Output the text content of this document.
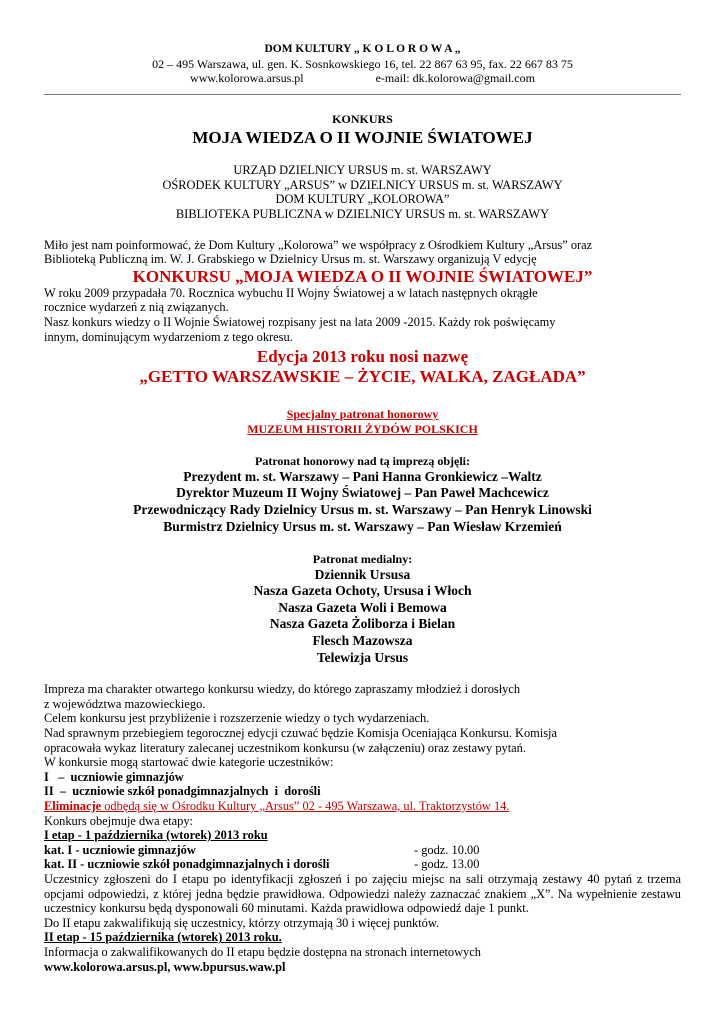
DOM KULTURY „ K O L O R O W A „
02 – 495 Warszawa, ul. gen. K. Sosnkowskiego 16, tel. 22 867 63 95, fax. 22 667 83 75
www.kolorowa.arsus.pl	e-mail: dk.kolorowa@gmail.com
KONKURS
MOJA WIEDZA O II WOJNIE ŚWIATOWEJ
URZĄD DZIELNICY URSUS m. st. WARSZAWY
OŚRODEK KULTURY „ARSUS” w DZIELNICY URSUS m. st. WARSZAWY
DOM KULTURY „KOLOROWA”
BIBLIOTEKA PUBLICZNA w DZIELNICY URSUS m. st. WARSZAWY
Miło jest nam poinformować, że Dom Kultury „Kolorowa” we współpracy z Ośrodkiem Kultury „Arsus” oraz
Biblioteką Publiczną im. W. J. Grabskiego w Dzielnicy Ursus m. st. Warszawy organizują V edycję
KONKURSU „MOJA WIEDZA O II WOJNIE ŚWIATOWEJ”
W roku 2009 przypadała 70. Rocznica wybuchu II Wojny Światowej a w latach następnych okrągłe
rocznice wydarzeń z nią związanych.
Nasz konkurs wiedzy o II Wojnie Światowej rozpisany jest na lata 2009 -2015. Każdy rok poświęcamy
innym, dominującym wydarzeniom z tego okresu.
Edycja 2013 roku nosi nazwę
„GETTO WARSZAWSKIE – ŻYCIE, WALKA, ZAGŁADA”
Specjalny patronat honorowy
MUZEUM HISTORII ŻYDÓW POLSKICH
Patronat honorowy nad tą imprezą objęli:
Prezydent m. st. Warszawy – Pani Hanna Gronkiewicz –Waltz
Dyrektor Muzeum II Wojny Światowej – Pan Paweł Machcewicz
Przewodniczący Rady Dzielnicy Ursus m. st. Warszawy – Pan Henryk Linowski
Burmistrz Dzielnicy Ursus m. st. Warszawy – Pan Wiesław Krzemień
Patronat medialny:
Dziennik Ursusa
Nasza Gazeta Ochoty, Ursusa i Włoch
Nasza Gazeta Woli i Bemowa
Nasza Gazeta Żoliborza i Bielan
Flesch Mazowsza
Telewizja Ursus
Impreza ma charakter otwartego konkursu wiedzy, do którego zapraszamy młodzież i dorosłych
z województwa mazowieckiego.
Celem konkursu jest przybliżenie i rozszerzenie wiedzy o tych wydarzeniach.
Nad sprawnym przebiegiem tegorocznej edycji czuwać będzie Komisja Oceniająca Konkursu. Komisja
opracowała wykaz literatury zalecanej uczestnikom konkursu (w załączeniu) oraz zestawy pytań.
W konkursie mogą startować dwie kategorie uczestników:
I   –  uczniowie gimnazjów
II  –  uczniowie szkół ponadgimnazjalnych  i  dorośli
Eliminacje odbędą się w Ośrodku Kultury „Arsus” 02 - 495 Warszawa, ul. Traktorzystów 14.
Konkurs obejmuje dwa etapy:
I etap - 1 października (wtorek) 2013 roku
kat. I - uczniowie gimnazjów	- godz. 10.00
kat. II - uczniowie szkół ponadgimnazjalnych i dorośli	- godz. 13.00
Uczestnicy zgłoszeni do I etapu po identyfikacji zgłoszeń i po zajęciu miejsc na sali otrzymają zestawy 40 pytań z trzema opcjami odpowiedzi, z której jedna będzie prawidłowa. Odpowiedzi należy zaznaczać znakiem „X”. Na wypełnienie zestawu uczestnicy konkursu będą dysponowali 60 minutami. Każda prawidłowa odpowiedź daje 1 punkt.
Do II etapu zakwalifikują się uczestnicy, którzy otrzymają 30 i więcej punktów.
II etap - 15 października (wtorek) 2013 roku.
Informacja o zakwalifikowanych do II etapu będzie dostępna na stronach internetowych
www.kolorowa.arsus.pl, www.bpursus.waw.pl
